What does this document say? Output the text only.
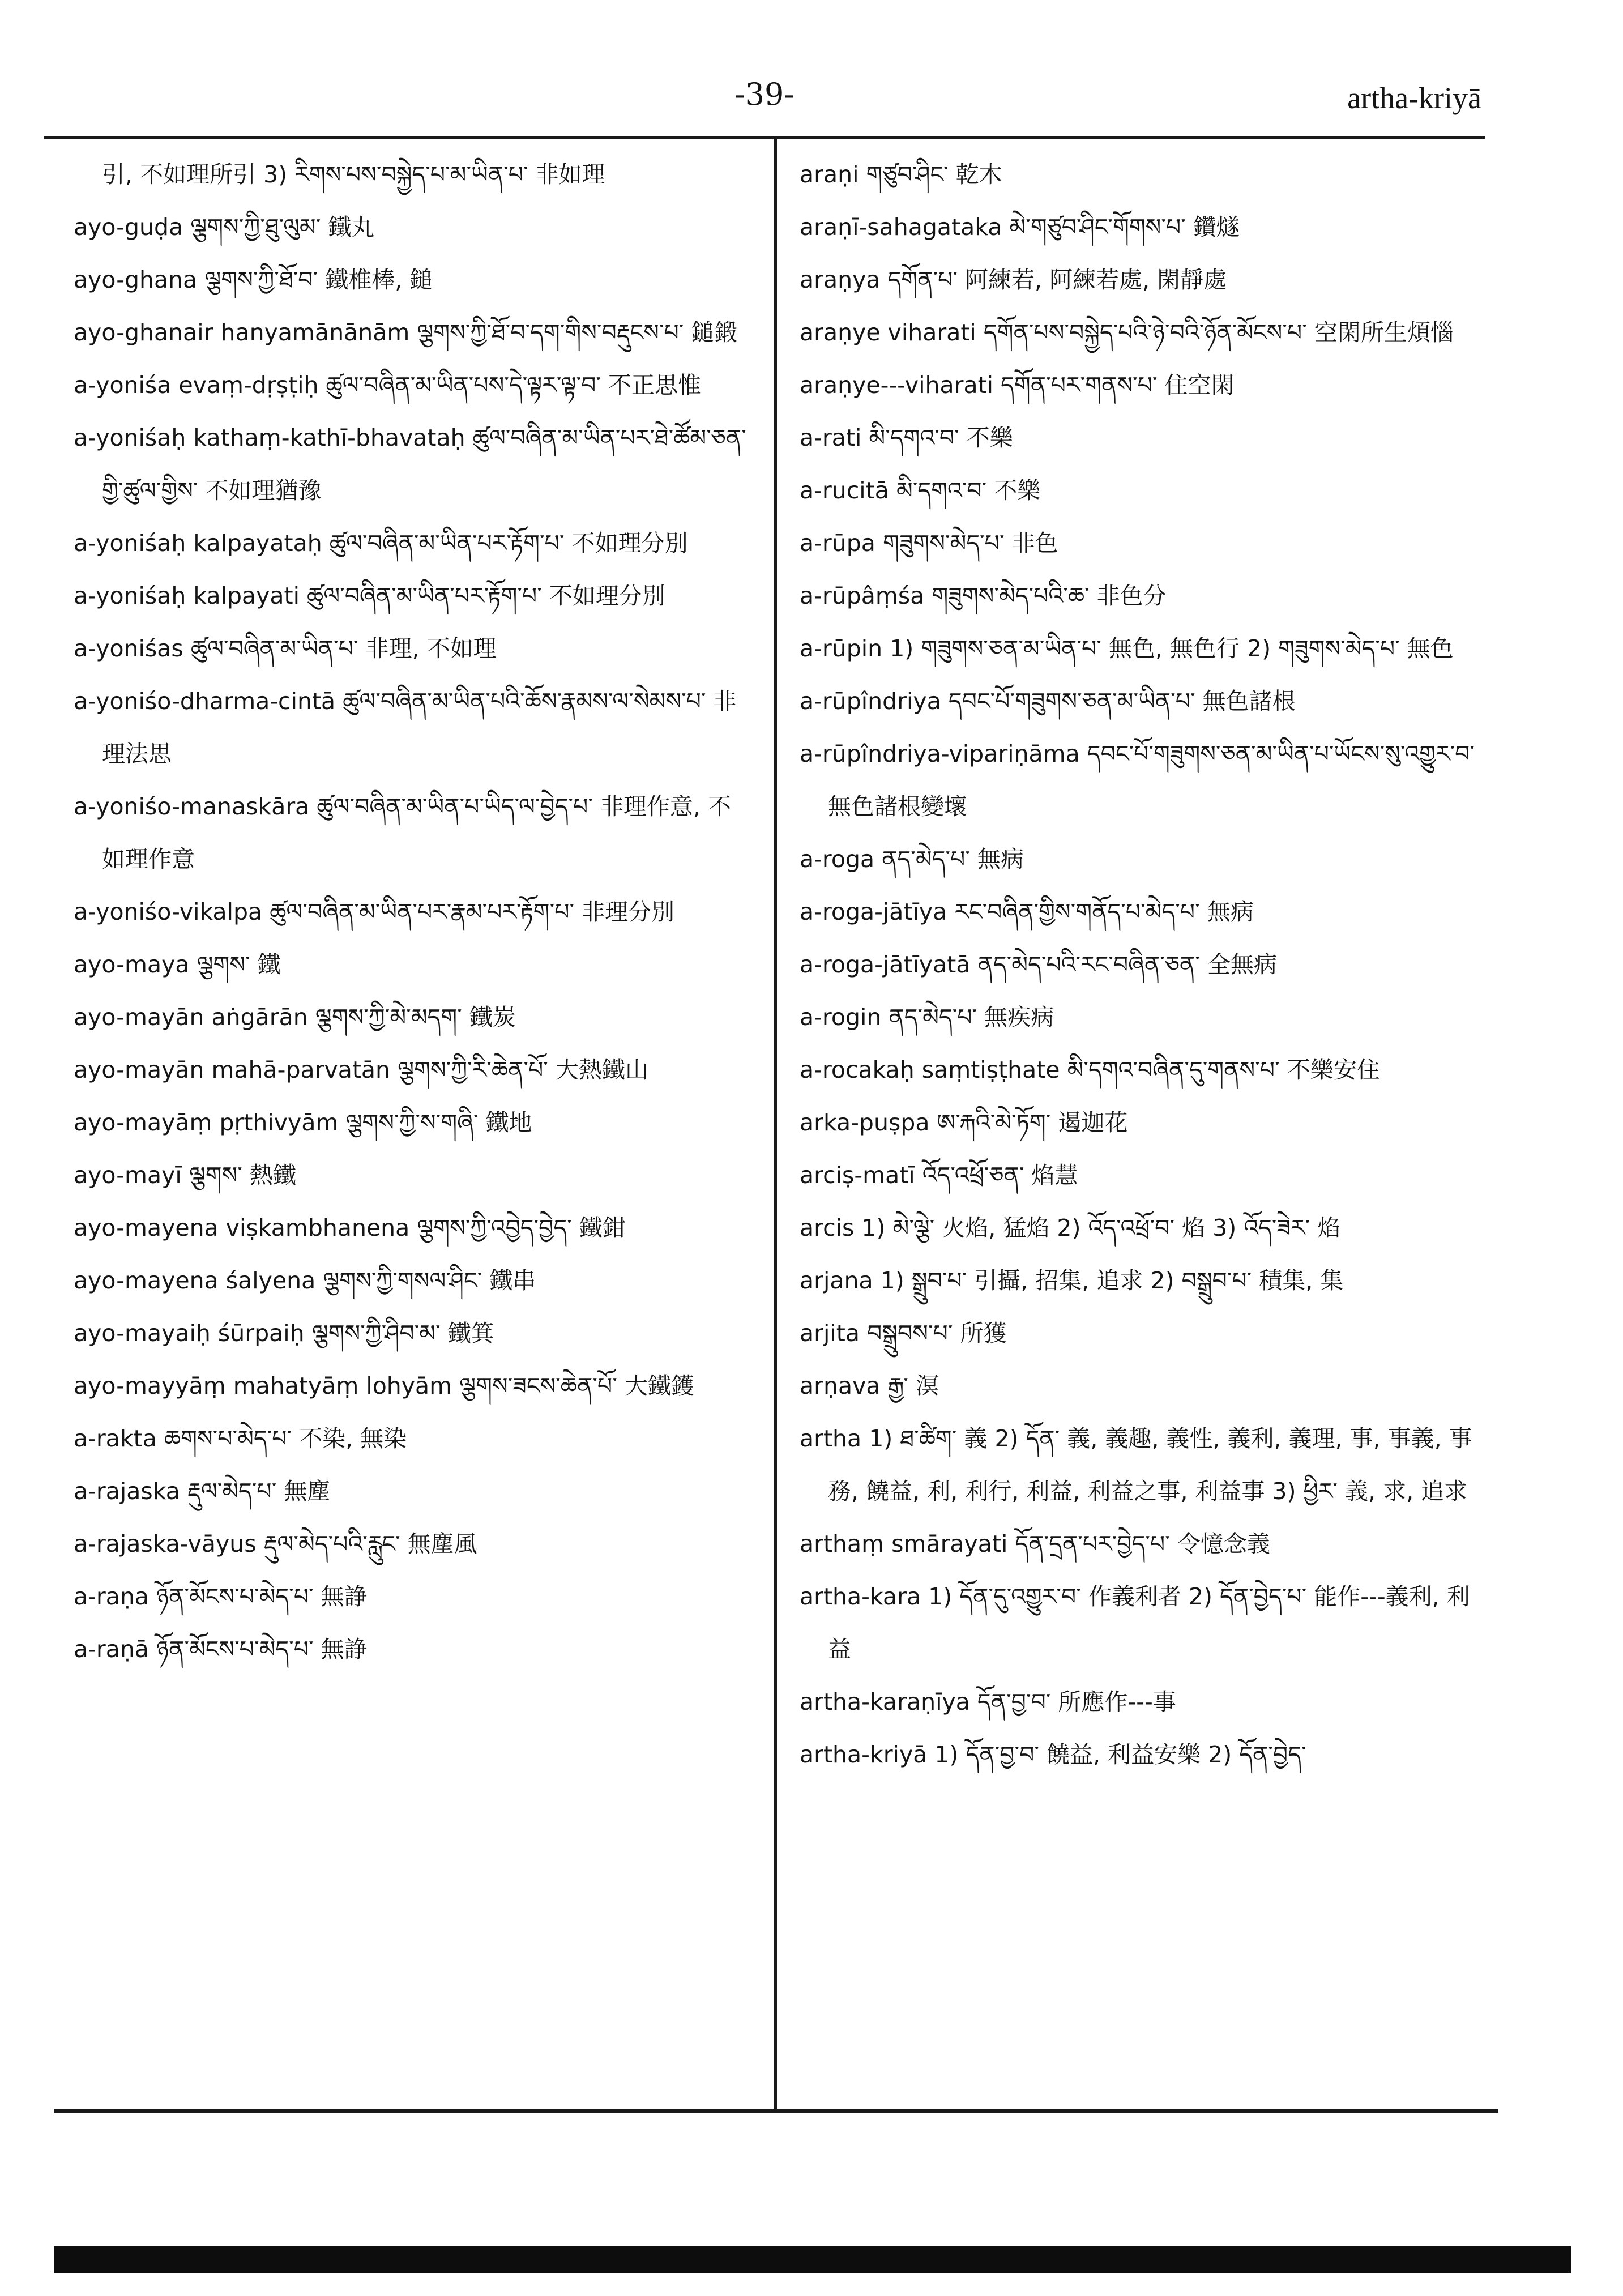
-39-	artha-kriyā

引, 不如理所引 3) རིགས་པས་བསྐྱེད་པ་མ་ཡིན་པ་ 非如理

ayo-guḍa ལྕགས་ཀྱི་ཐུ་ལུམ་ 鐵丸

ayo-ghana ལྕགས་ཀྱི་ཐོ་བ་ 鐵椎棒, 鎚

ayo-ghanair hanyamānānām ལྕགས་ཀྱི་ཐོ་བ་དག་གིས་བརྡུངས་པ་ 鎚鍛

a-yoniśa evaṃ-dṛṣṭiḥ ཚུལ་བཞིན་མ་ཡིན་པས་དེ་ལྟར་ལྟ་བ་ 不正思惟

a-yoniśaḥ kathaṃ-kathī-bhavataḥ ཚུལ་བཞིན་མ་ཡིན་པར་ཐེ་ཚོམ་ཅན་གྱི་ཚུལ་གྱིས་ 不如理猶豫

a-yoniśaḥ kalpayataḥ ཚུལ་བཞིན་མ་ཡིན་པར་རྟོག་པ་ 不如理分別

a-yoniśaḥ kalpayati ཚུལ་བཞིན་མ་ཡིན་པར་རྟོག་པ་ 不如理分別

a-yoniśas ཚུལ་བཞིན་མ་ཡིན་པ་ 非理, 不如理

a-yoniśo-dharma-cintā ཚུལ་བཞིན་མ་ཡིན་པའི་ཆོས་རྣམས་ལ་སེམས་པ་ 非理法思

a-yoniśo-manaskāra ཚུལ་བཞིན་མ་ཡིན་པ་ཡིད་ལ་བྱེད་པ་ 非理作意, 不如理作意

a-yoniśo-vikalpa ཚུལ་བཞིན་མ་ཡིན་པར་རྣམ་པར་རྟོག་པ་ 非理分別

ayo-maya ལྕགས་ 鐵

ayo-mayān aṅgārān ལྕགས་ཀྱི་མེ་མདག་ 鐵炭

ayo-mayān mahā-parvatān ལྕགས་ཀྱི་རི་ཆེན་པོ་ 大熱鐵山

ayo-mayāṃ pṛthivyām ལྕགས་ཀྱི་ས་གཞི་ 鐵地

ayo-mayī ལྕགས་ 熱鐵

ayo-mayena viṣkambhanena ལྕགས་ཀྱི་འབྱེད་བྱེད་ 鐵鉗

ayo-mayena śalyena ལྕགས་ཀྱི་གསལ་ཤིང་ 鐵串

ayo-mayaiḥ śūrpaiḥ ལྕགས་ཀྱི་ཤིབ་མ་ 鐵箕

ayo-mayyāṃ mahatyāṃ lohyām ལྕགས་ཟངས་ཆེན་པོ་ 大鐵鑊

a-rakta ཆགས་པ་མེད་པ་ 不染, 無染

a-rajaska རྡུལ་མེད་པ་ 無塵

a-rajaska-vāyus རྡུལ་མེད་པའི་རླུང་ 無塵風

a-raṇa ཉོན་མོངས་པ་མེད་པ་ 無諍

a-raṇā ཉོན་མོངས་པ་མེད་པ་ 無諍

araṇi གཙུབ་ཤིང་ 乾木

araṇī-sahagataka མེ་གཙུབ་ཤིང་གོགས་པ་ 鑽燧

araṇya དགོན་པ་ 阿練若, 阿練若處, 閑靜處

araṇye viharati དགོན་པས་བསྐྱེད་པའི་ཉེ་བའི་ཉོན་མོངས་པ་ 空閑所生煩惱

araṇye---viharati དགོན་པར་གནས་པ་ 住空閑

a-rati མི་དགའ་བ་ 不樂

a-rucitā མི་དགའ་བ་ 不樂

a-rūpa གཟུགས་མེད་པ་ 非色

a-rūpâṃśa གཟུགས་མེད་པའི་ཆ་ 非色分

a-rūpin 1) གཟུགས་ཅན་མ་ཡིན་པ་ 無色, 無色行 2) གཟུགས་མེད་པ་ 無色

a-rūpîndriya དབང་པོ་གཟུགས་ཅན་མ་ཡིན་པ་ 無色諸根

a-rūpîndriya-vipariṇāma དབང་པོ་གཟུགས་ཅན་མ་ཡིན་པ་ཡོངས་སུ་འགྱུར་བ་ 無色諸根變壞

a-roga ནད་མེད་པ་ 無病

a-roga-jātīya རང་བཞིན་གྱིས་གནོད་པ་མེད་པ་ 無病

a-roga-jātīyatā ནད་མེད་པའི་རང་བཞིན་ཅན་ 全無病

a-rogin ནད་མེད་པ་ 無疾病

a-rocakaḥ saṃtiṣṭhate མི་དགའ་བཞིན་དུ་གནས་པ་ 不樂安住

arka-puṣpa ཨ་རྐའི་མེ་ཏོག་ 遏迦花

arciṣ-matī འོད་འཕྲོ་ཅན་ 焰慧

arcis 1) མེ་ལྕེ་ 火焰, 猛焰 2) འོད་འཕྲོ་བ་ 焰 3) འོད་ཟེར་ 焰

arjana 1) སྒྲུབ་པ་ 引攝, 招集, 追求 2) བསྒྲུབ་པ་ 積集, 集

arjita བསྒྲུབས་པ་ 所獲

arṇava རྒྱ་ 溟

artha 1) ཐ་ཚིག་ 義 2) དོན་ 義, 義趣, 義性, 義利, 義理, 事, 事義, 事務, 饒益, 利, 利行, 利益, 利益之事, 利益事 3) ཕྱིར་ 義, 求, 追求

arthaṃ smārayati དོན་དྲན་པར་བྱེད་པ་ 令憶念義

artha-kara 1) དོན་དུ་འགྱུར་བ་ 作義利者 2) དོན་བྱེད་པ་ 能作---義利, 利益

artha-karaṇīya དོན་བྱ་བ་ 所應作---事

artha-kriyā 1) དོན་བྱ་བ་ 饒益, 利益安樂 2) དོན་བྱེད་
